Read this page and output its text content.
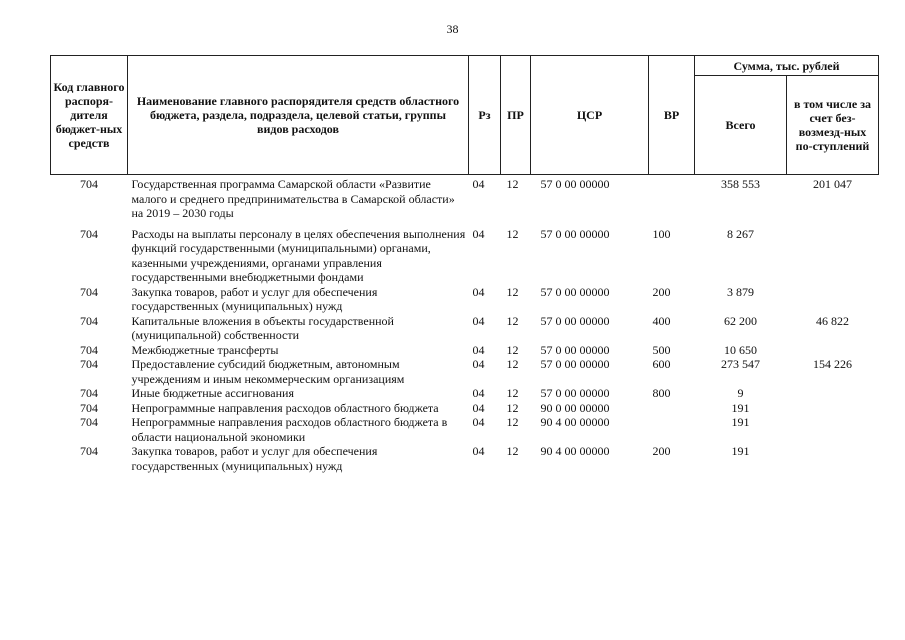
38
Код главного распоря-дителя бюджет-ных средств	Наименование главного распорядителя средств областного бюджета, раздела, подраздела, целевой статьи, группы видов расходов	Рз	ПР	ЦСР	ВР	Сумма, тыс. рублей	
						Всего	в том числе за счет без-возмезд-ных по-ступлений
704	Государственная программа Самарской области «Развитие малого и среднего предпринимательства в Самарской области» на 2019 – 2030 годы	04	12	57 0 00 00000		358 553	201 047
704	Расходы на выплаты персоналу в целях обеспечения выполнения функций государственными (муниципальными) органами, казенными учреждениями, органами управления государственными внебюджетными фондами	04	12	57 0 00 00000	100	8 267	
704	Закупка товаров, работ и услуг для обеспечения государственных (муниципальных) нужд	04	12	57 0 00 00000	200	3 879	
704	Капитальные вложения в объекты государственной (муниципальной) собственности	04	12	57 0 00 00000	400	62 200	46 822
704	Межбюджетные трансферты	04	12	57 0 00 00000	500	10 650	
704	Предоставление субсидий бюджетным, автономным учреждениям и иным некоммерческим организациям	04	12	57 0 00 00000	600	273 547	154 226
704	Иные бюджетные ассигнования	04	12	57 0 00 00000	800	9	
704	Непрограммные направления расходов областного бюджета	04	12	90 0 00 00000		191	
704	Непрограммные направления расходов областного бюджета в области национальной экономики	04	12	90 4 00 00000		191	
704	Закупка товаров, работ и услуг для обеспечения государственных (муниципальных) нужд	04	12	90 4 00 00000	200	191	
